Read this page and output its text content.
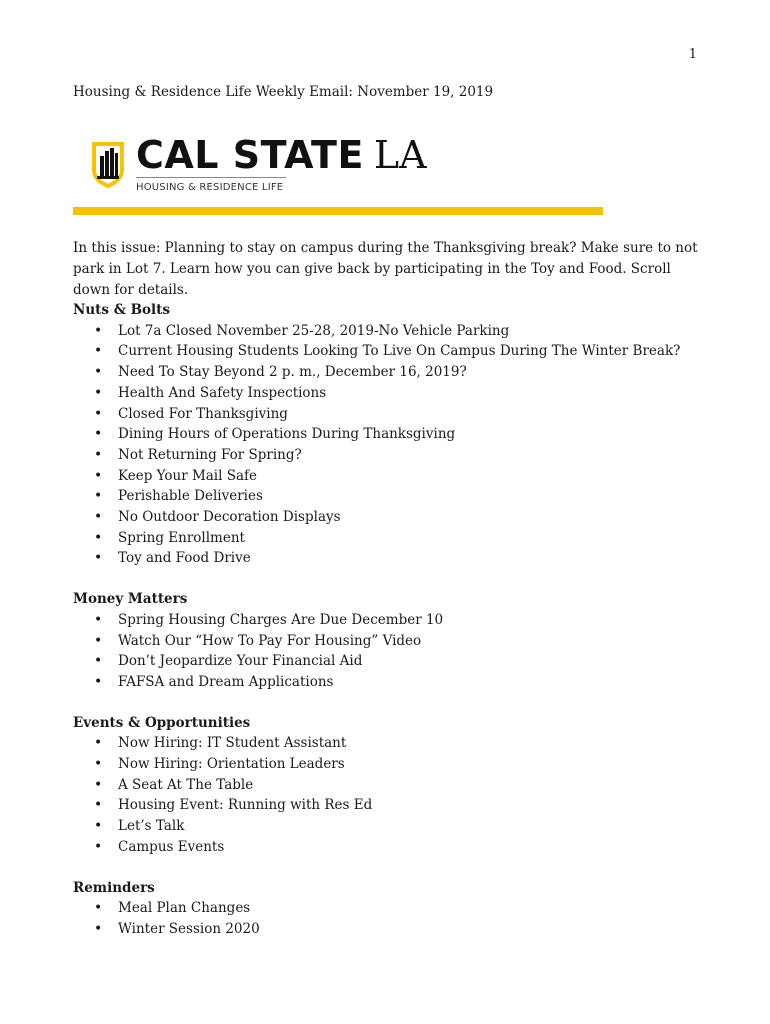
1
Housing & Residence Life Weekly Email: November 19, 2019
CAL STATE LA
HOUSING & RESIDENCE LIFE
In this issue: Planning to stay on campus during the Thanksgiving break? Make sure to not park in Lot 7. Learn how you can give back by participating in the Toy and Food. Scroll down for details.

Nuts & Bolts

• Lot 7a Closed November 25-28, 2019-No Vehicle Parking
• Current Housing Students Looking To Live On Campus During The Winter Break?
• Need To Stay Beyond 2 p. m., December 16, 2019?
• Health And Safety Inspections
• Closed For Thanksgiving
• Dining Hours of Operations During Thanksgiving
• Not Returning For Spring?
• Keep Your Mail Safe
• Perishable Deliveries
• No Outdoor Decoration Displays
• Spring Enrollment
• Toy and Food Drive

Money Matters

• Spring Housing Charges Are Due December 10
• Watch Our “How To Pay For Housing” Video
• Don’t Jeopardize Your Financial Aid
• FAFSA and Dream Applications

Events & Opportunities

• Now Hiring: IT Student Assistant
• Now Hiring: Orientation Leaders
• A Seat At The Table
• Housing Event: Running with Res Ed
• Let’s Talk
• Campus Events

Reminders

• Meal Plan Changes
• Winter Session 2020
